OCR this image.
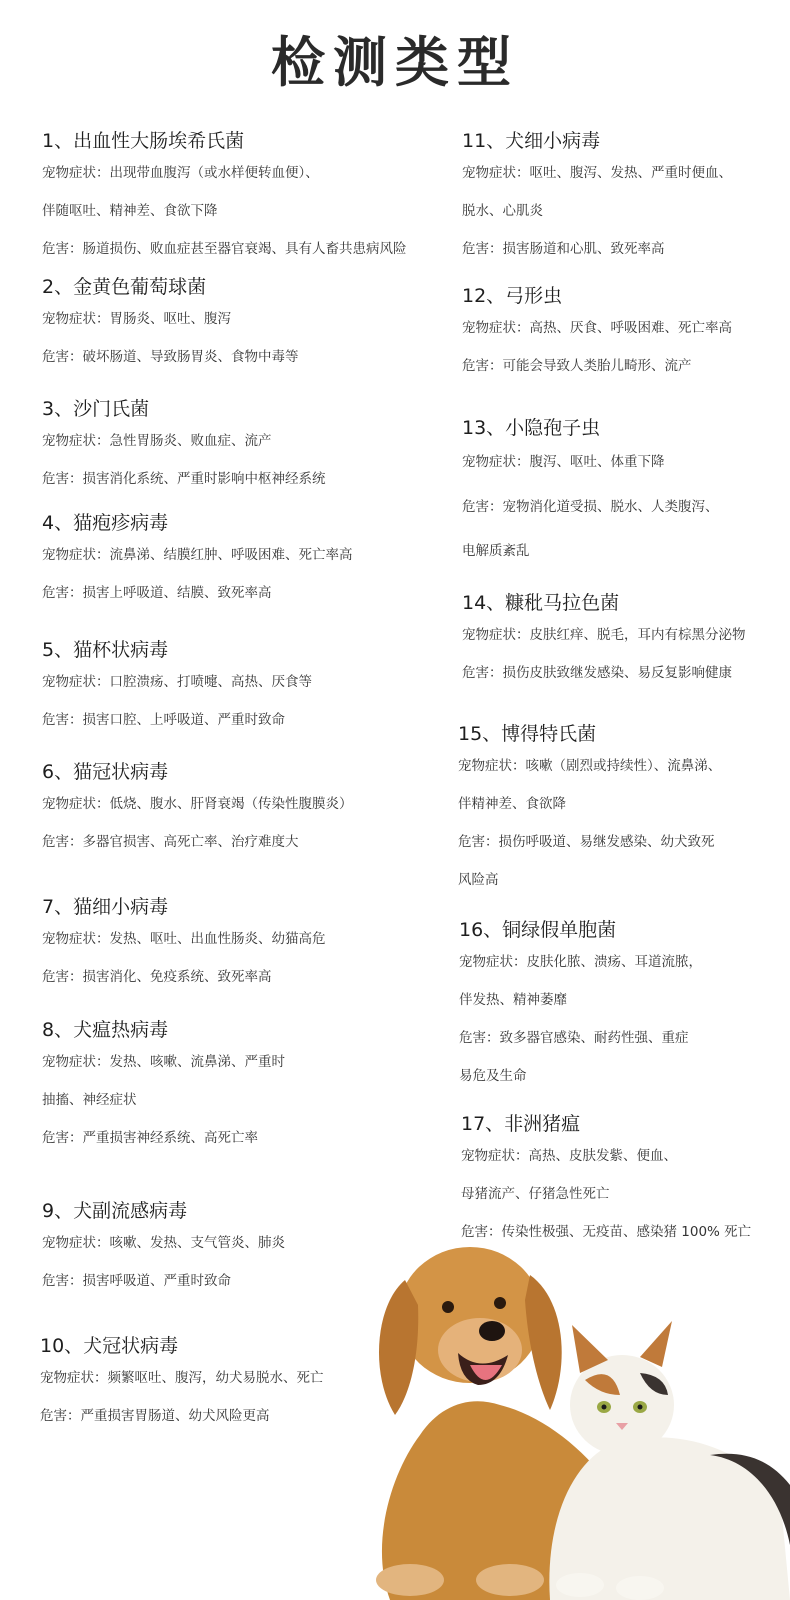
检测类型
1、出血性大肠埃希氏菌
宠物症状：出现带血腹泻（或水样便转血便）、
伴随呕吐、精神差、食欲下降
危害：肠道损伤、败血症甚至器官衰竭、具有人畜共患病风险
2、金黄色葡萄球菌
宠物症状：胃肠炎、呕吐、腹泻
危害：破坏肠道、导致肠胃炎、食物中毒等
3、沙门氏菌
宠物症状：急性胃肠炎、败血症、流产
危害：损害消化系统、严重时影响中枢神经系统
4、猫疱疹病毒
宠物症状：流鼻涕、结膜红肿、呼吸困难、死亡率高
危害：损害上呼吸道、结膜、致死率高
5、猫杯状病毒
宠物症状：口腔溃疡、打喷嚏、高热、厌食等
危害：损害口腔、上呼吸道、严重时致命
6、猫冠状病毒
宠物症状：低烧、腹水、肝肾衰竭（传染性腹膜炎）
危害：多器官损害、高死亡率、治疗难度大
7、猫细小病毒
宠物症状：发热、呕吐、出血性肠炎、幼猫高危
危害：损害消化、免疫系统、致死率高
8、犬瘟热病毒
宠物症状：发热、咳嗽、流鼻涕、严重时
抽搐、神经症状
危害：严重损害神经系统、高死亡率
9、犬副流感病毒
宠物症状：咳嗽、发热、支气管炎、肺炎
危害：损害呼吸道、严重时致命
10、犬冠状病毒
宠物症状：频繁呕吐、腹泻，幼犬易脱水、死亡
危害：严重损害胃肠道、幼犬风险更高
11、犬细小病毒
宠物症状：呕吐、腹泻、发热、严重时便血、
脱水、心肌炎
危害：损害肠道和心肌、致死率高
12、弓形虫
宠物症状：高热、厌食、呼吸困难、死亡率高
危害：可能会导致人类胎儿畸形、流产
13、小隐孢子虫
宠物症状：腹泻、呕吐、体重下降
危害：宠物消化道受损、脱水、人类腹泻、
电解质紊乱
14、糠秕马拉色菌
宠物症状：皮肤红痒、脱毛，耳内有棕黑分泌物
危害：损伤皮肤致继发感染、易反复影响健康
15、博得特氏菌
宠物症状：咳嗽（剧烈或持续性）、流鼻涕、
伴精神差、食欲降
危害：损伤呼吸道、易继发感染、幼犬致死
风险高
16、铜绿假单胞菌
宠物症状：皮肤化脓、溃疡、耳道流脓，
伴发热、精神萎靡
危害：致多器官感染、耐药性强、重症
易危及生命
17、非洲猪瘟
宠物症状：高热、皮肤发紫、便血、
母猪流产、仔猪急性死亡
危害：传染性极强、无疫苗、感染猪 100% 死亡
